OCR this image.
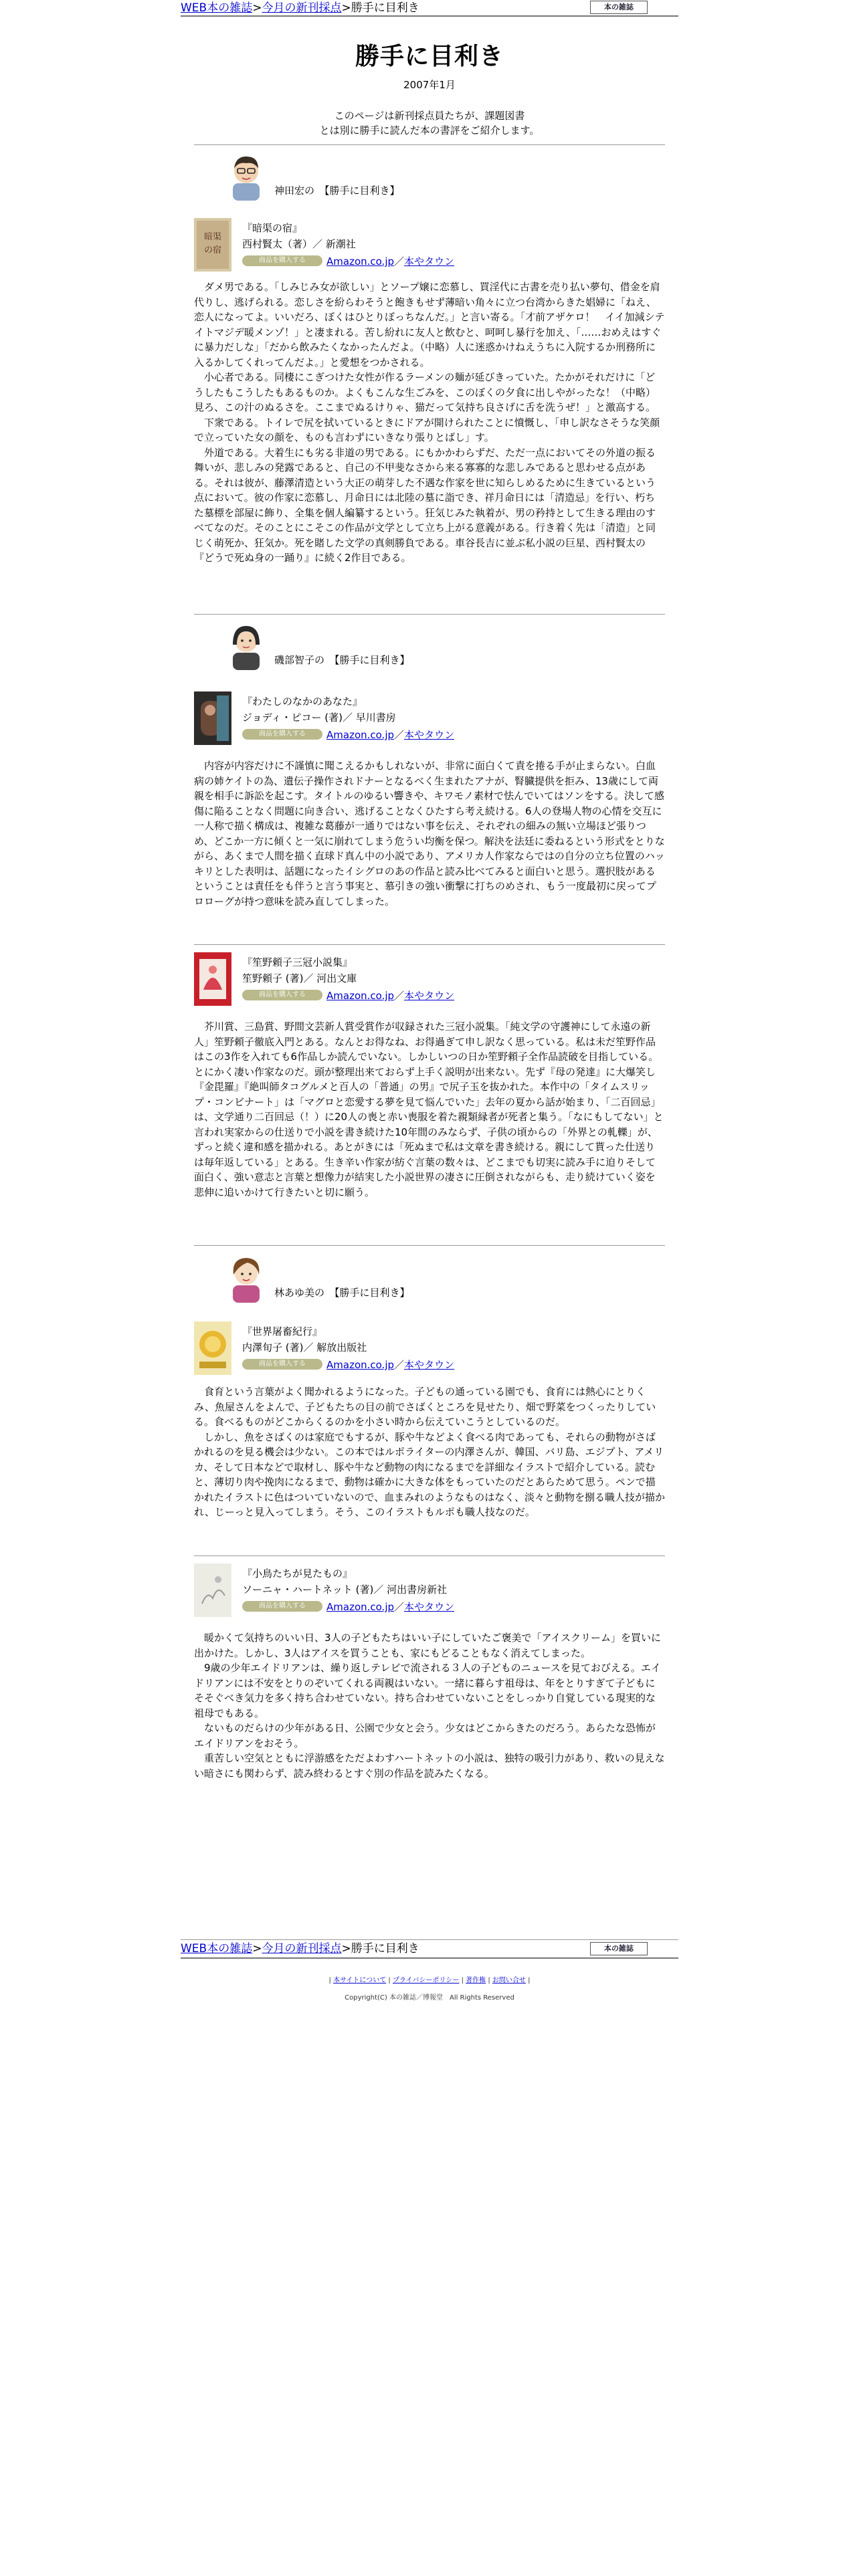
WEB本の雑誌>今月の新刊採点>勝手に目利き	本の雑誌
勝手に目利き
2007年1月
このページは新刊採点員たちが、課題図書
とは別に勝手に読んだ本の書評をご紹介します。
神田宏の　【勝手に目利き】
暗渠
の宿
『暗渠の宿』
西村賢太（著）／ 新潮社
商品を購入する	Amazon.co.jp／本やタウン

ダメ男である。「しみじみ女が欲しい」とソープ嬢に恋慕し、買淫代に古書を売り払い夢句、借金を肩代りし、逃げられる。恋しさを紛らわそうと飽きもせず薄暗い角々に立つ台湾からきた娼婦に「ねえ、恋人になってよ。いいだろ、ぼくはひとりぼっちなんだ。」と言い寄る。「才前アザケロ！　イイ加減シテイトマジデ暖メンゾ！」と凄まれる。苦し紛れに友人と飲むと、呵呵し暴行を加え、「……おめえはすぐに暴力だしな」「だから飲みたくなかったんだよ。（中略）人に迷惑かけねえうちに入院するか刑務所に入るかしてくれってんだよ。」と愛想をつかされる。

小心者である。同棲にこぎつけた女性が作るラーメンの麺が延びきっていた。たかがそれだけに「どうしたもこうしたもあるものか。よくもこんな生ごみを、このぼくの夕食に出しやがったな！（中略）見ろ、この汁のぬるさを。ここまでぬるけりゃ、猫だって気持ち良さげに舌を洗うぜ！」と激高する。

下衆である。トイレで尻を拭いているときにドアが開けられたことに憤慨し、「申し訳なさそうな笑顔で立っていた女の顔を、ものも言わずにいきなり張りとばし」す。

外道である。大着生にも劣る非道の男である。にもかかわらずだ、ただ一点においてその外道の振る舞いが、悲しみの発露であると、自己の不甲斐なさから来る寡寡的な悲しみであると思わせる点がある。それは彼が、藤澤清造という大正の萌芽した不遇な作家を世に知らしめるために生きているという点において。彼の作家に恋慕し、月命日には北陸の墓に詣でき、祥月命日には「清造忌」を行い、朽ちた墓標を部屋に飾り、全集を個人編纂するという。狂気じみた執着が、男の矜持として生きる理由のすべてなのだ。そのことにこそこの作品が文学として立ち上がる意義がある。行き着く先は「清造」と同じく萌死か、狂気か。死を賭した文学の真剣勝負である。車谷長吉に並ぶ私小説の巨星、西村賢太の『どうで死ぬ身の一踊り』に続く2作目である。

磯部智子の　【勝手に目利き】
『わたしのなかのあなた』
ジョディ・ピコー (著)／ 早川書房
商品を購入する	Amazon.co.jp／本やタウン

内容が内容だけに不謹慎に聞こえるかもしれないが、非常に面白くて責を捲る手が止まらない。白血病の姉ケイトの為、遺伝子操作されドナーとなるべく生まれたアナが、腎臓提供を拒み、13歳にして両親を相手に訴訟を起こす。タイトルのゆるい響きや、キワモノ素材で怯んでいてはソンをする。決して感傷に陥ることなく問題に向き合い、逃げることなくひたすら考え続ける。6人の登場人物の心情を交互に一人称で描く構成は、複雑な葛藤が一通りではない事を伝え、それぞれの細みの無い立場ほど張りつめ、どこか一方に傾くと一気に崩れてしまう危うい均衡を保つ。解決を法廷に委ねるという形式をとりながら、あくまで人間を描く直球ド真ん中の小説であり、アメリカ人作家ならではの自分の立ち位置のハッキリとした表明は、話題になったイシグロのあの作品と読み比べてみると面白いと思う。選択肢があるということは責任をも伴うと言う事実と、慕引きの強い衝撃に打ちのめされ、もう一度最初に戻ってプロローグが持つ意味を読み直してしまった。

『笙野頼子三冠小説集』
笙野頼子 (著)／ 河出文庫
商品を購入する	Amazon.co.jp／本やタウン

芥川賞、三島賞、野間文芸新人賞受賞作が収録された三冠小説集。「純文学の守護神にして永遠の新人」笙野頼子徹底入門とある。なんとお得なね、お得過ぎて申し訳なく思っている。私は未だ笙野作品はこの3作を入れても6作品しか読んでいない。しかしいつの日か笙野頼子全作品読破を目指している。とにかく凄い作家なのだ。頭が整理出来ておらず上手く説明が出来ない。先ず『母の発達』に大爆笑し『金毘羅』『絶叫師タコグルメと百人の「普通」の男』で尻子玉を抜かれた。本作中の「タイムスリップ・コンビナート」は「マグロと恋愛する夢を見て悩んでいた」去年の夏から話が始まり、「二百回忌」は、文学通り二百回忌（！）に20人の喪と赤い喪服を着た親類縁者が死者と集う。「なにもしてない」と言われ実家からの仕送りで小説を書き続けた10年間のみならず、子供の頃からの「外界との軋轢」が、ずっと続く違和感を描かれる。あとがきには「死ぬまで私は文章を書き続ける。親にして貰った仕送りは毎年返している」とある。生き辛い作家が紡ぐ言葉の数々は、どこまでも切実に読み手に迫りそして面白く、強い意志と言葉と想像力が結実した小説世界の凄さに圧倒されながらも、走り続けていく姿を悲伸に追いかけて行きたいと切に願う。

林あゆ美の　【勝手に目利き】
『世界屠畜紀行』
内澤旬子 (著)／ 解放出版社
商品を購入する	Amazon.co.jp／本やタウン

食育という言葉がよく聞かれるようになった。子どもの通っている園でも、食育には熱心にとりくみ、魚屋さんをよんで、子どもたちの目の前でさばくところを見せたり、畑で野菜をつくったりしている。食べるものがどこからくるのかを小さい時から伝えていこうとしているのだ。

しかし、魚をさばくのは家庭でもするが、豚や牛などよく食べる肉であっても、それらの動物がさばかれるのを見る機会は少ない。この本ではルポライターの内澤さんが、韓国、バリ島、エジプト、アメリカ、そして日本などで取材し、豚や牛など動物の肉になるまでを詳細なイラストで紹介している。読むと、薄切り肉や挽肉になるまで、動物は確かに大きな体をもっていたのだとあらためて思う。ペンで描かれたイラストに色はついていないので、血まみれのようなものはなく、淡々と動物を捌る職人技が描かれ、じーっと見入ってしまう。そう、このイラストもルポも職人技なのだ。

『小鳥たちが見たもの』
ソーニャ・ハートネット (著)／ 河出書房新社
商品を購入する	Amazon.co.jp／本やタウン

暖かくて気持ちのいい日、3人の子どもたちはいい子にしていたご褒美で「アイスクリーム」を買いに出かけた。しかし、3人はアイスを買うことも、家にもどることもなく消えてしまった。

9歳の少年エイドリアンは、繰り返しテレビで流される３人の子どものニュースを見ておびえる。エイドリアンには不安をとりのぞいてくれる両親はいない。一緒に暮らす祖母は、年をとりすぎて子どもにそそぐべき気力を多く持ち合わせていない。持ち合わせていないことをしっかり自覚している現実的な祖母でもある。

ないものだらけの少年がある日、公園で少女と会う。少女はどこからきたのだろう。あらたな恐怖がエイドリアンをおそう。

重苦しい空気とともに浮游感をただよわすハートネットの小説は、独特の吸引力があり、救いの見えない暗さにも関わらず、読み終わるとすぐ別の作品を読みたくなる。

WEB本の雑誌>今月の新刊採点>勝手に目利き	本の雑誌
| 本サイトについて | プライバシーポリシー | 著作権 | お問い合せ |
Copyright(C) 本の雑誌／博報堂　All Rights Reserved
